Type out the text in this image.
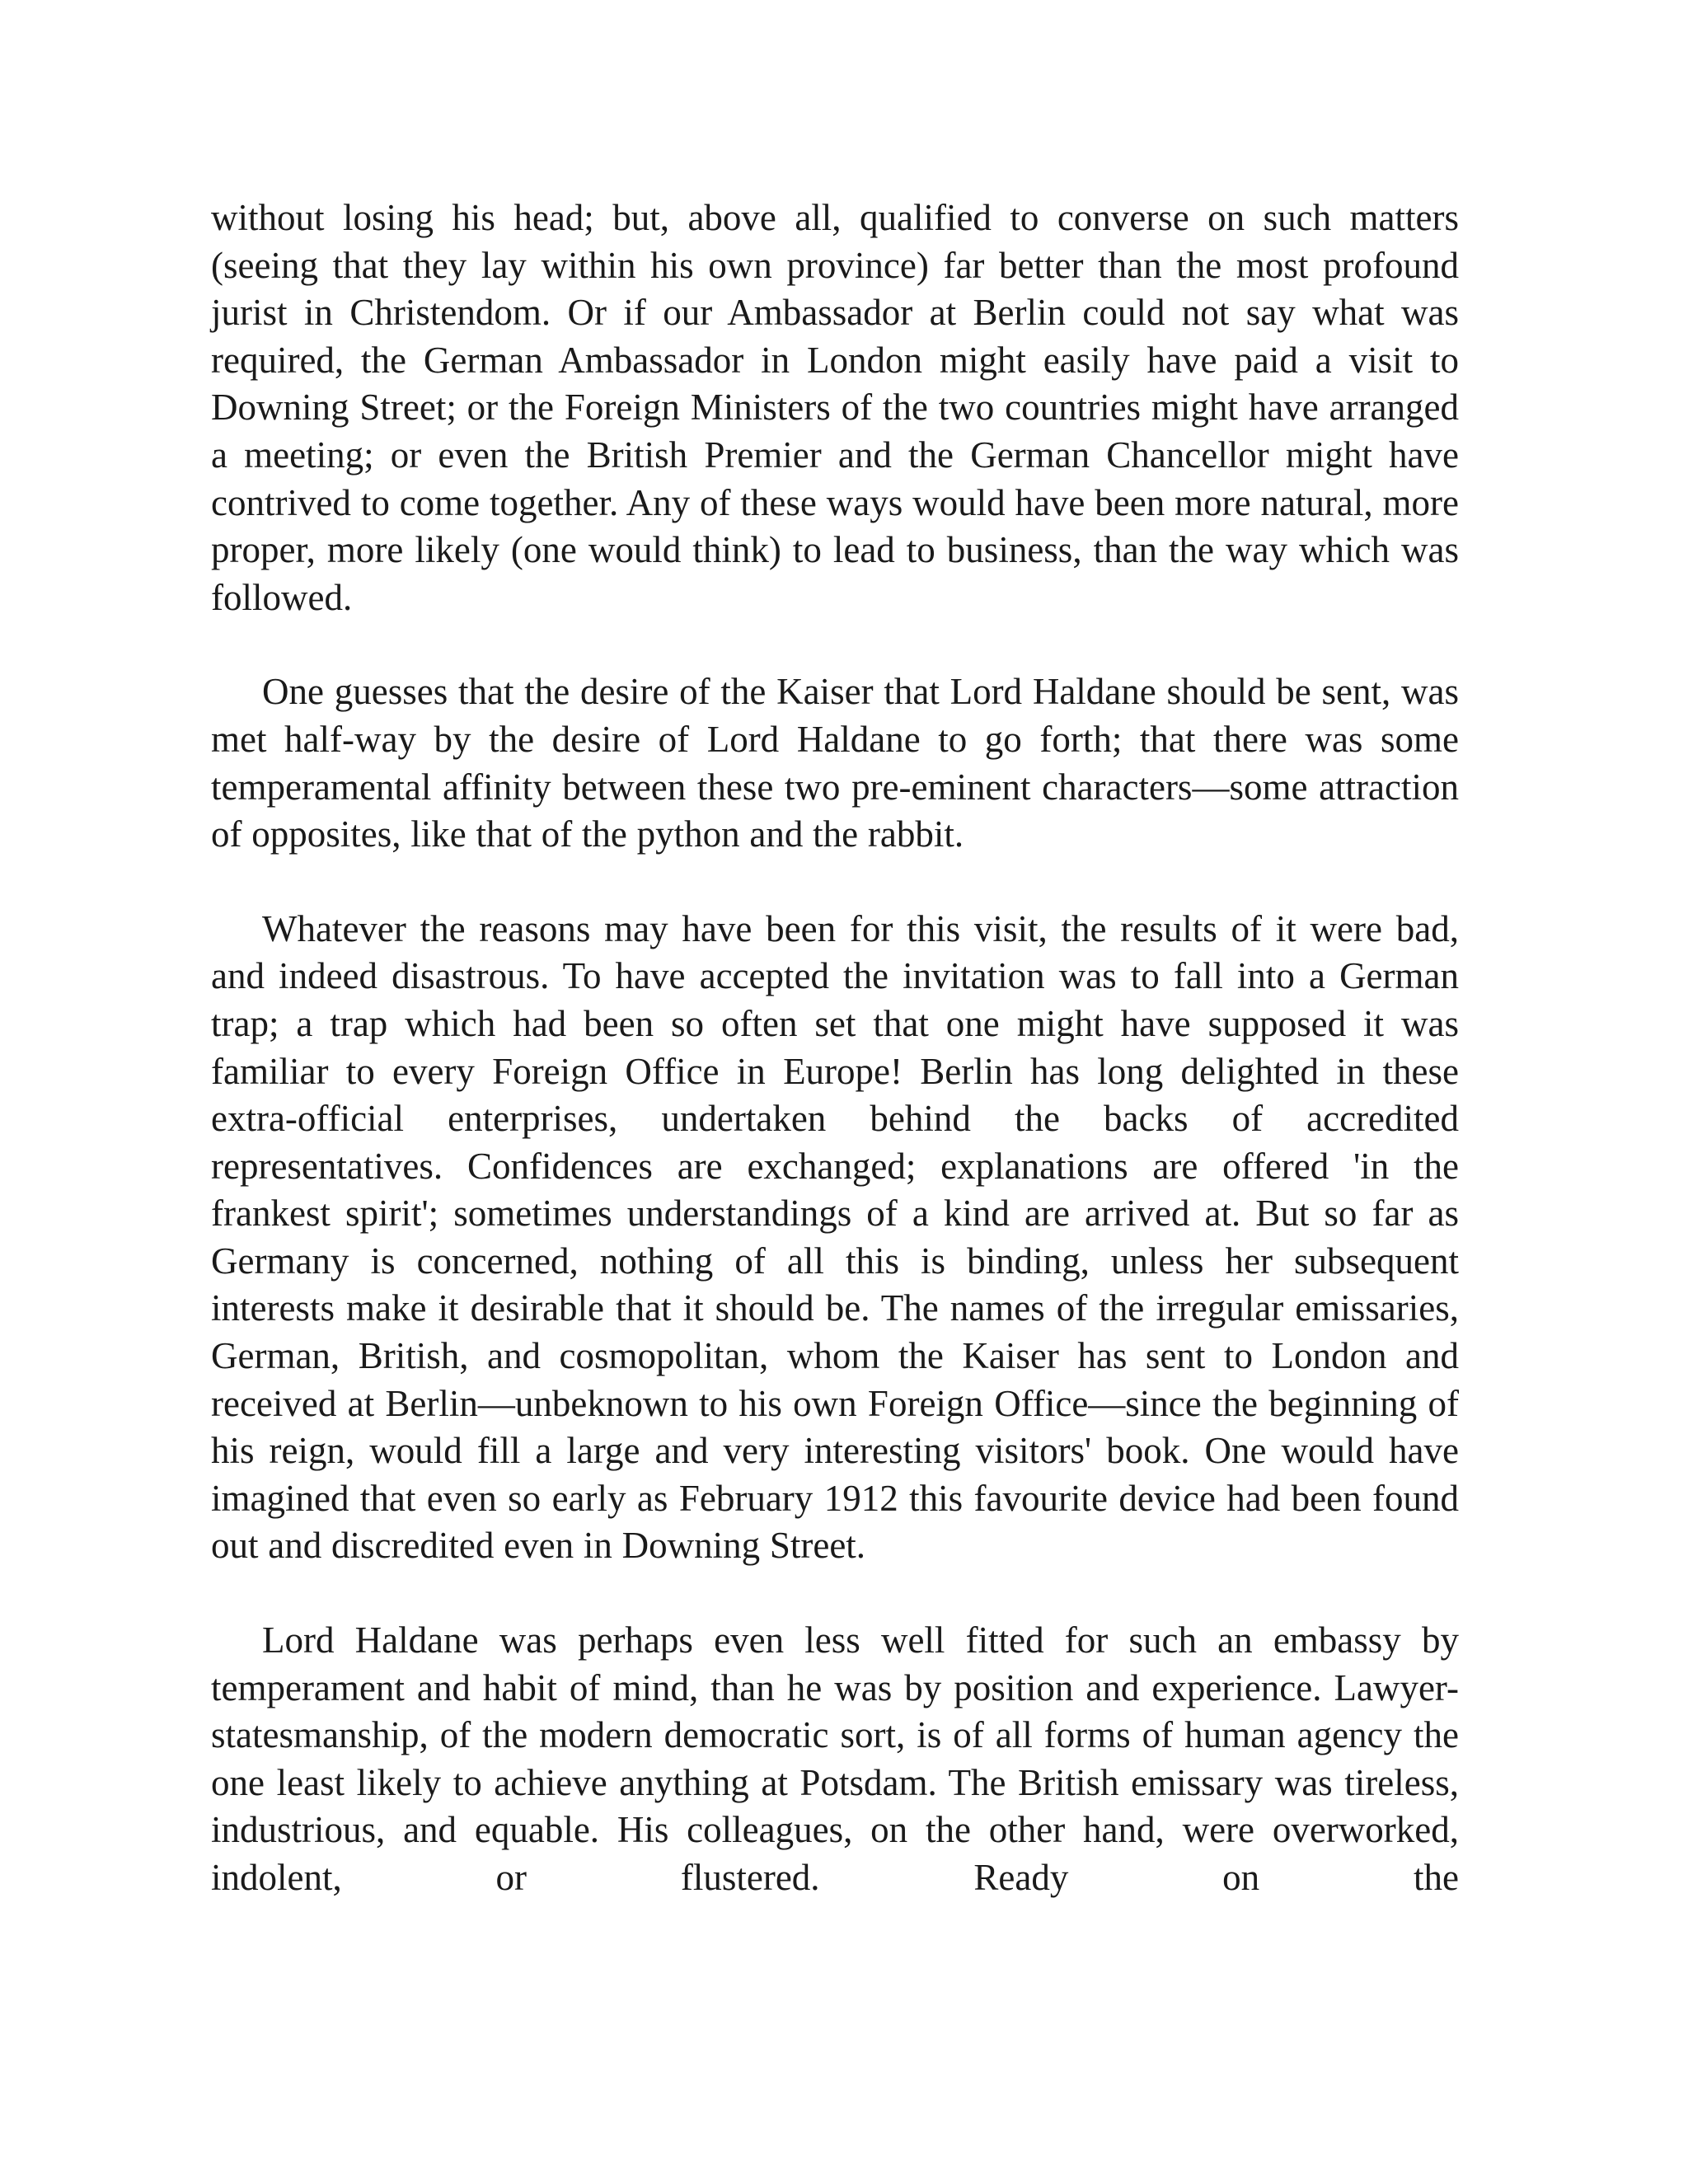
without losing his head; but, above all, qualified to converse on such matters (seeing that they lay within his own province) far better than the most profound jurist in Christendom. Or if our Ambassador at Berlin could not say what was required, the German Ambassador in London might easily have paid a visit to Downing Street; or the Foreign Ministers of the two countries might have arranged a meeting; or even the British Premier and the German Chancellor might have contrived to come together. Any of these ways would have been more natural, more proper, more likely (one would think) to lead to business, than the way which was followed.

One guesses that the desire of the Kaiser that Lord Haldane should be sent, was met half-way by the desire of Lord Haldane to go forth; that there was some temperamental affinity between these two pre-eminent characters—some attraction of opposites, like that of the python and the rabbit.

Whatever the reasons may have been for this visit, the results of it were bad, and indeed disastrous. To have accepted the invitation was to fall into a German trap; a trap which had been so often set that one might have supposed it was familiar to every Foreign Office in Europe! Berlin has long delighted in these extra-official enterprises, undertaken behind the backs of accredited representatives. Confidences are exchanged; explanations are offered 'in the frankest spirit'; sometimes understandings of a kind are arrived at. But so far as Germany is concerned, nothing of all this is binding, unless her subsequent interests make it desirable that it should be. The names of the irregular emissaries, German, British, and cosmopolitan, whom the Kaiser has sent to London and received at Berlin—unbeknown to his own Foreign Office—since the beginning of his reign, would fill a large and very interesting visitors' book. One would have imagined that even so early as February 1912 this favourite device had been found out and discredited even in Downing Street.

Lord Haldane was perhaps even less well fitted for such an embassy by temperament and habit of mind, than he was by position and experience. Lawyer-statesmanship, of the modern democratic sort, is of all forms of human agency the one least likely to achieve anything at Potsdam. The British emissary was tireless, industrious, and equable. His colleagues, on the other hand, were overworked, indolent, or flustered. Ready on the
